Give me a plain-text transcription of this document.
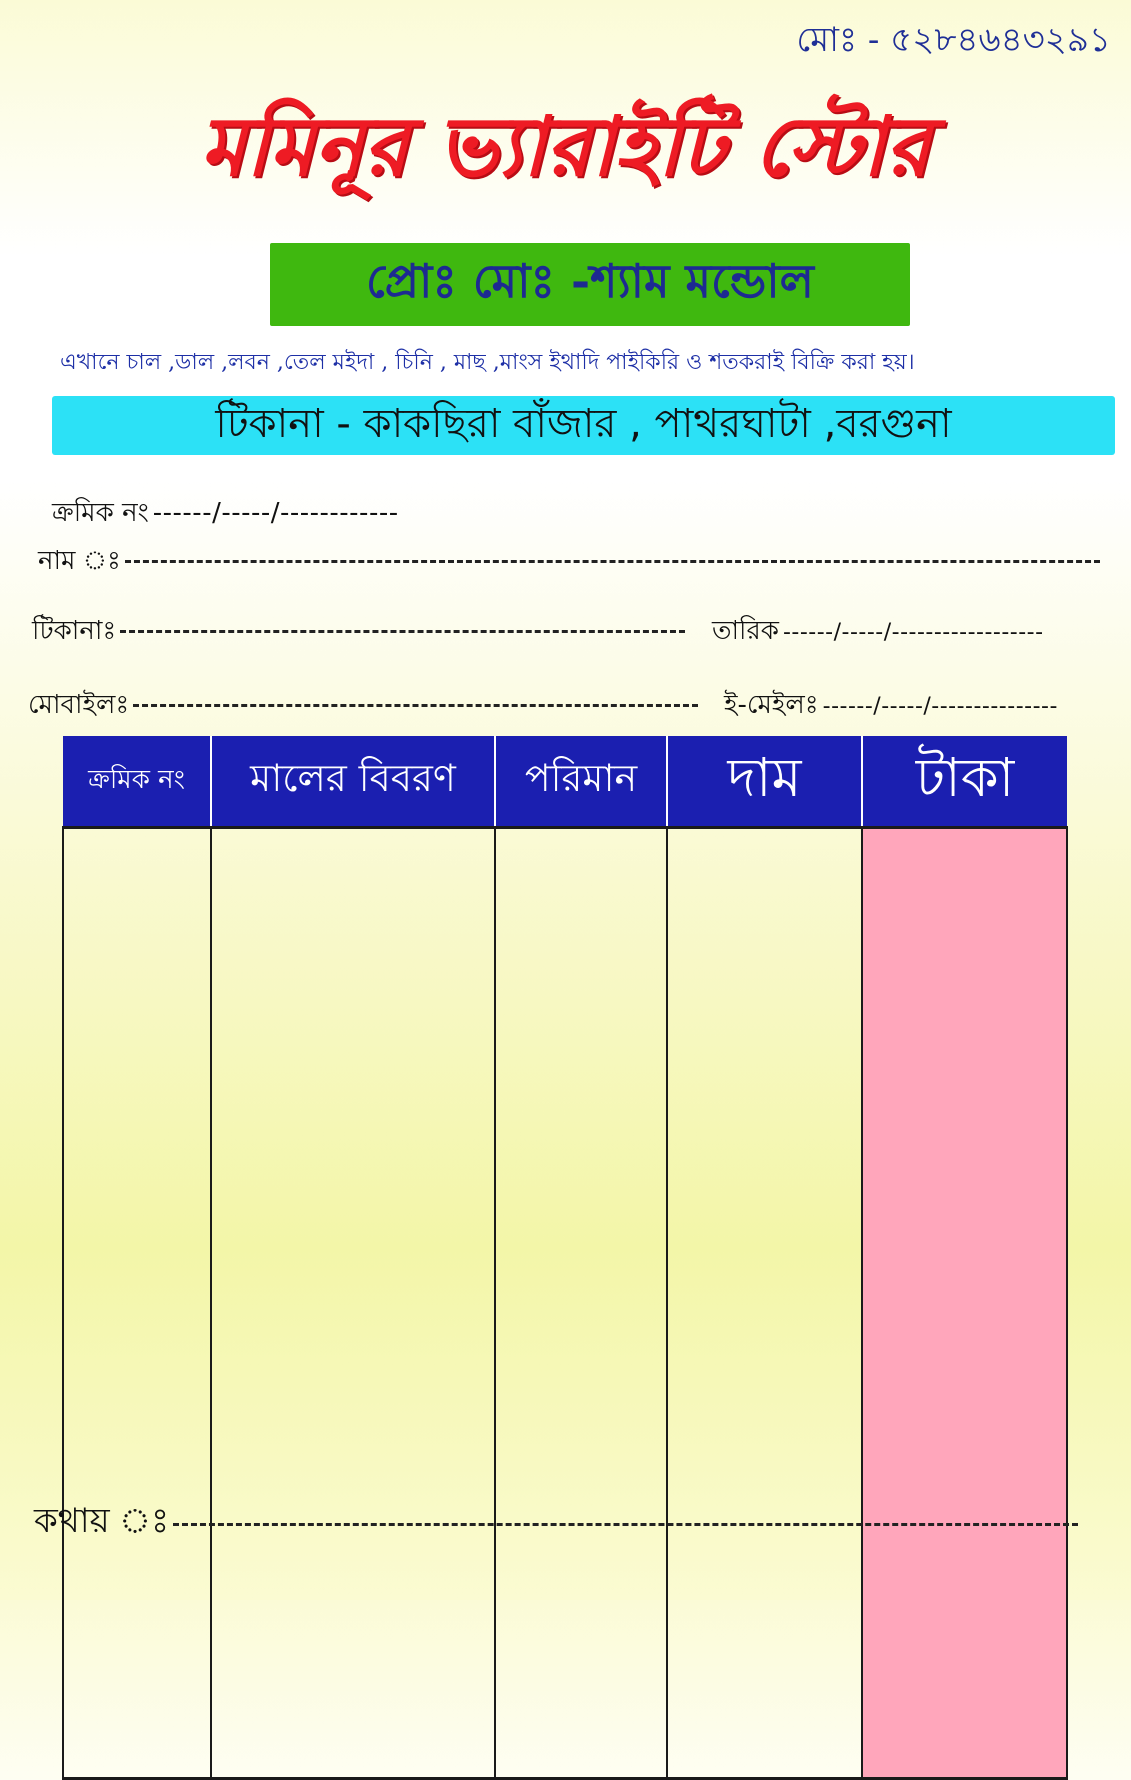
মোঃ - ৫২৮৪৬৪৩২৯১
মমিনূর ভ্যারাইটি স্টোর
প্রোঃ মোঃ -শ্যাম মন্ডোল
এখানে চাল ,ডাল ,লবন ,তেল মইদা , চিনি , মাছ ,মাংস ইথাদি পাইকিরি ও শতকরাই বিক্রি করা হয়।
টিকানা - কাকছিরা বাঁজার , পাথরঘাটা ,বরগুনা
ক্রমিক নং ------/-----/------------
নাম ঃ
টিকানাঃ	তারিক ------/-----/------------------
মোবাইলঃ	ই-মেইলঃ ------/-----/---------------
ক্রমিক নং	মালের বিবরণ	পরিমান	দাম	টাকা

কথায় ঃ
